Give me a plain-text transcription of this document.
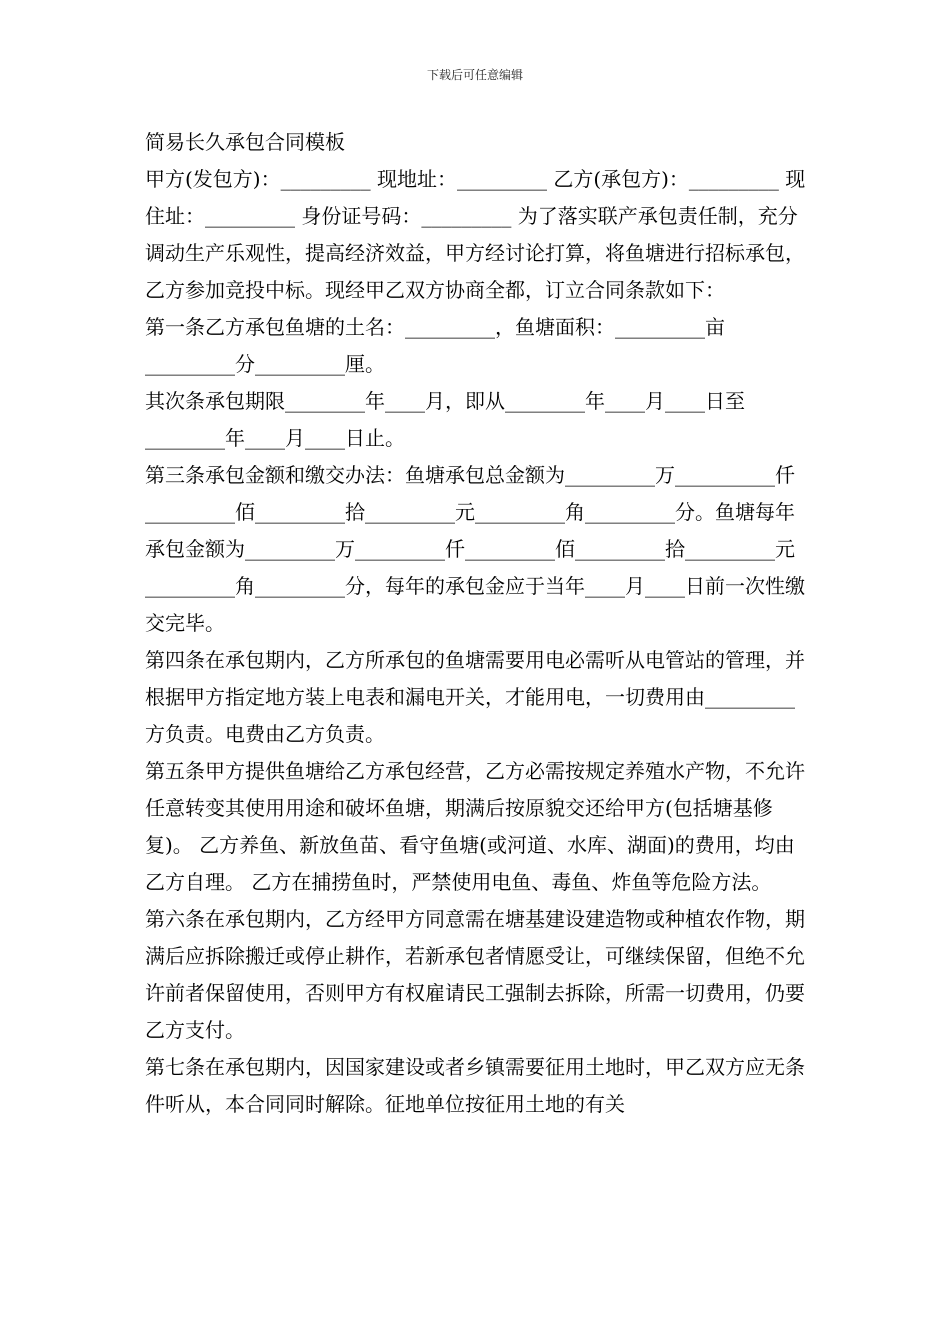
下载后可任意编辑

简易长久承包合同模板

甲方(发包方)：_________ 现地址：_________ 乙方(承包方)：_________ 现住址：_________ 身份证号码：_________ 为了落实联产承包责任制，充分调动生产乐观性，提高经济效益，甲方经讨论打算，将鱼塘进行招标承包，乙方参加竞投中标。现经甲乙双方协商全都，订立合同条款如下：

第一条乙方承包鱼塘的土名：_________，鱼塘面积：_________亩_________分_________厘。

其次条承包期限________年____月，即从________年____月____日至________年____月____日止。

第三条承包金额和缴交办法：鱼塘承包总金额为_________万__________仟_________佰_________拾_________元_________角_________分。鱼塘每年承包金额为_________万_________仟_________佰_________拾_________元_________角_________分，每年的承包金应于当年____月____日前一次性缴交完毕。

第四条在承包期内，乙方所承包的鱼塘需要用电必需听从电管站的管理，并根据甲方指定地方装上电表和漏电开关，才能用电，一切费用由_________方负责。电费由乙方负责。

第五条甲方提供鱼塘给乙方承包经营，乙方必需按规定养殖水产物，不允许任意转变其使用用途和破坏鱼塘，期满后按原貌交还给甲方(包括塘基修复)。 乙方养鱼、新放鱼苗、看守鱼塘(或河道、水库、湖面)的费用，均由乙方自理。 乙方在捕捞鱼时，严禁使用电鱼、毒鱼、炸鱼等危险方法。

第六条在承包期内，乙方经甲方同意需在塘基建设建造物或种植农作物，期满后应拆除搬迁或停止耕作，若新承包者情愿受让，可继续保留，但绝不允许前者保留使用，否则甲方有权雇请民工强制去拆除，所需一切费用，仍要乙方支付。

第七条在承包期内，因国家建设或者乡镇需要征用土地时，甲乙双方应无条件听从，本合同同时解除。征地单位按征用土地的有关
